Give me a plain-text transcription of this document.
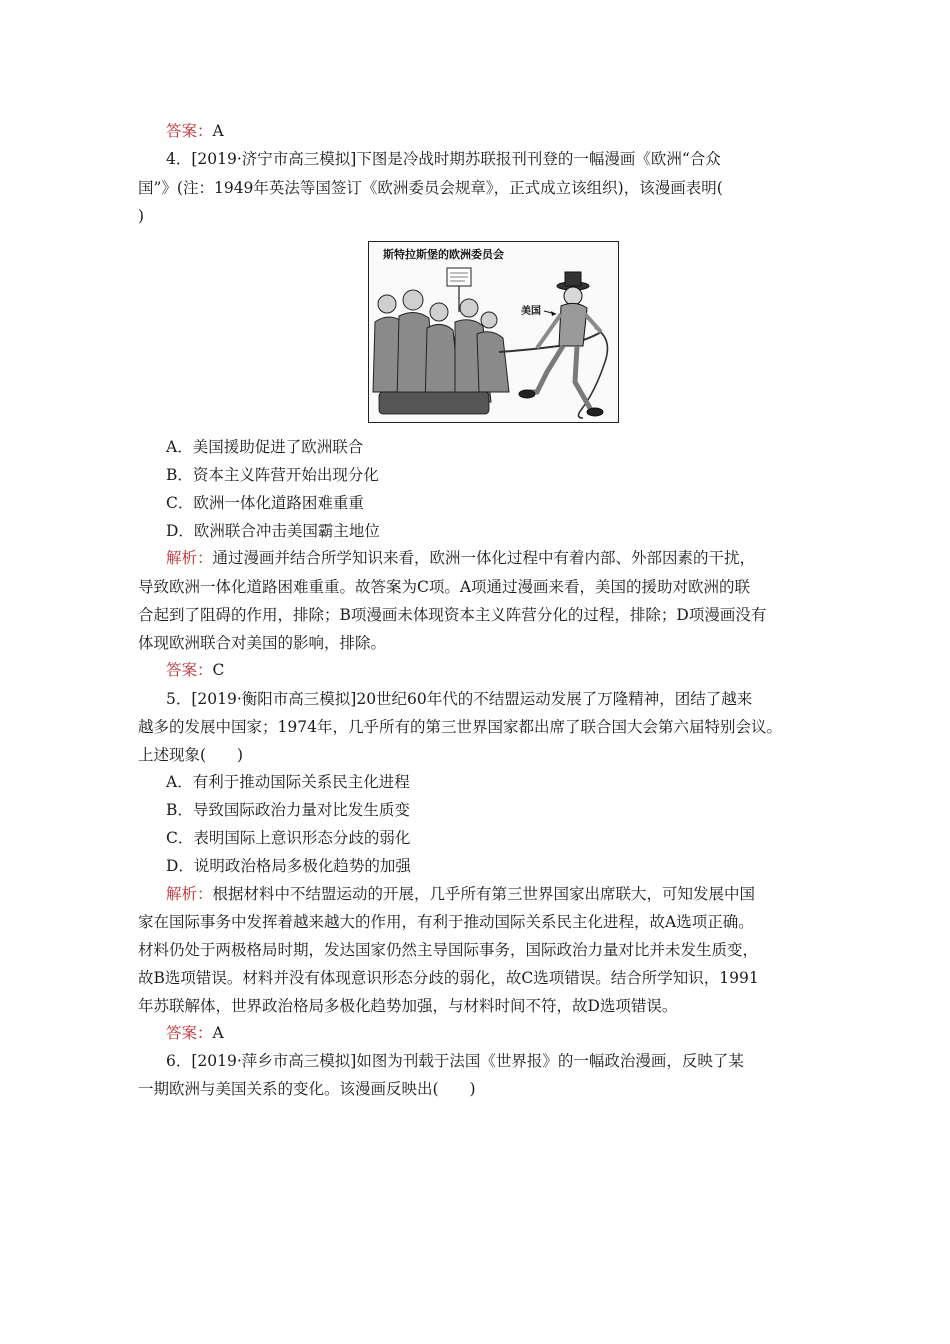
答案：A
4．[2019·济宁市高三模拟]下图是冷战时期苏联报刊刊登的一幅漫画《欧洲“合众
国”》(注：1949年英法等国签订《欧洲委员会规章》，正式成立该组织)，该漫画表明(
)
斯特拉斯堡的欧洲委员会
美国
A．美国援助促进了欧洲联合
B．资本主义阵营开始出现分化
C．欧洲一体化道路困难重重
D．欧洲联合冲击美国霸主地位
解析：通过漫画并结合所学知识来看，欧洲一体化过程中有着内部、外部因素的干扰，
导致欧洲一体化道路困难重重。故答案为C项。A项通过漫画来看，美国的援助对欧洲的联
合起到了阻碍的作用，排除；B项漫画未体现资本主义阵营分化的过程，排除；D项漫画没有
体现欧洲联合对美国的影响，排除。
答案：C
5．[2019·衡阳市高三模拟]20世纪60年代的不结盟运动发展了万隆精神，团结了越来
越多的发展中国家；1974年，几乎所有的第三世界国家都出席了联合国大会第六届特别会议。
上述现象(　　)
A．有利于推动国际关系民主化进程
B．导致国际政治力量对比发生质变
C．表明国际上意识形态分歧的弱化
D．说明政治格局多极化趋势的加强
解析：根据材料中不结盟运动的开展，几乎所有第三世界国家出席联大，可知发展中国
家在国际事务中发挥着越来越大的作用，有利于推动国际关系民主化进程，故A选项正确。
材料仍处于两极格局时期，发达国家仍然主导国际事务，国际政治力量对比并未发生质变，
故B选项错误。材料并没有体现意识形态分歧的弱化，故C选项错误。结合所学知识，1991
年苏联解体，世界政治格局多极化趋势加强，与材料时间不符，故D选项错误。
答案：A
6．[2019·萍乡市高三模拟]如图为刊载于法国《世界报》的一幅政治漫画，反映了某
一期欧洲与美国关系的变化。该漫画反映出(　　)
